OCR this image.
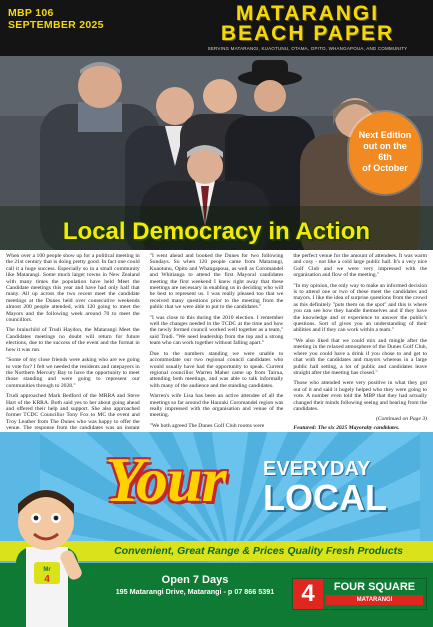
MBP 106
SEPTEMBER 2025	MATARANGI
BEACH PAPER
SERVING MATARANGI, KUAOTUNU, OTAMA, OPITO, WHANGAPOUA, AND COMMUNITY
Next Edition
out on the
6th
of October
Local Democracy in Action

When over a 100 people show up for a political meeting in the 21st century that is doing pretty good. In fact one could call it a huge success. Especially so in a small community like Matarangi. Some much larger towns in New Zealand with many times the population have held Meet the Candidate meetings this year and have had only half that many. All up across the two recent meet the candidate meetings at the Dunes held over consecutive weekends almost 200 people attended, with 120 going to meet the Mayors and the following week around 70 to meet the councillors.

The brainchild of Trudi Haydon, the Matarangi Meet the Candidates meetings no doubt will return for future elections, due to the success of the event and the format in how it was run.

"Some of my close friends were asking who are we going to vote for? I felt we needed the residents and ratepayers in the Northern Mercury Bay to have the opportunity to meet those standing and were going to represent our communities through to 2028."

Trudi approached Mark Bedford of the MRRA and Steve Hart of the KRRA. Both said yes to her about going ahead and offered their help and support. She also approached former TCDC Councillor Tony Fox to MC the event and Troy Leather from The Dunes who was happy to offer the venue. The response from the candidates was an instant

"I went ahead and booked the Dunes for two following Sundays. So when 120 people came from Matarangi, Kuaotunu, Opito and Whangapoua, as well as Coromandel and Whitianga to attend the first Mayoral candidates meeting the first weekend I knew right away that these meetings are necessary in enabling us in deciding who will be best to represent us. I was really pleased too that we received many questions prior to the meeting from the public that we were able to put to the candidates."

"I was close to this during the 2010 election. I remember well the changes needed in the TCDC at the time and how the newly formed council worked well together as a team," said Trudi. "We need leadership from the top and a strong team who can work together without falling apart."

Due to the numbers standing we were unable to accommodate our two regional council candidates who would usually have had the opportunity to speak. Current regional councillor Warren Maher came up from Tairua, attending both meetings, and was able to talk informally with many of the audience and the standing candidates.

Warren's wife Lisa has been an active attendee of all the meetings so far around the Hauraki Coromandel region was really impressed with the organisation and venue of the meeting.

"We both agreed The Dunes Golf Club rooms were

the perfect venue for the amount of attendees. It was warm and cosy - not like a cold large public hall. It's a very nice Golf Club and we were very impressed with the organisation and flow of the meeting."

"In my opinion, the only way to make an informed decision is to attend one or two of these meet the candidates and mayors. I like the idea of surprise questions from the crowd as this definitely "puts them on the spot" and this is where you can see how they handle themselves and if they have the knowledge and or experience to answer the public's questions. Sort of gives you an understanding of their abilities and if they can work within a team."

"We also liked that we could mix and mingle after the meeting in the relaxed atmosphere of the Dunes Golf Club, where you could have a drink if you chose to and get to chat with the candidates and mayors whereas in a large public hall setting, a lot of public and candidates leave straight after the meeting has closed."

Those who attended were very positive in what they got out of it and said it hugely helped who they were going to vote. A number even told the MBP that they had actually changed their minds following seeing and hearing from the candidates.

(Continued on Page 3)
Featured: The six 2025 Mayoralty candidates.
Your EVERYDAY
LOCAL
Convenient, Great Range & Prices Quality Fresh Products
Open 7 Days
195 Matarangi Drive, Matarangi - p 07 866 5391	4	FOUR SQUARE
MATARANGI
Mr
4
